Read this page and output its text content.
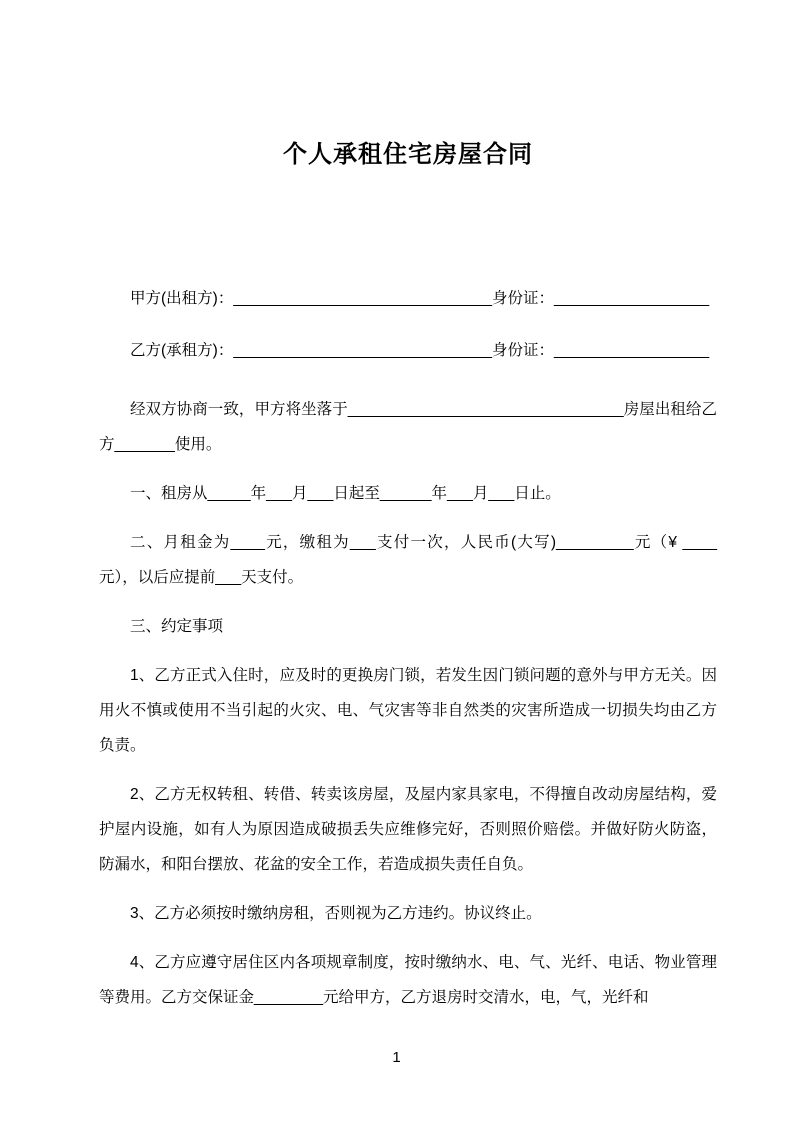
个人承租住宅房屋合同
甲方(出租方)：______________________________身份证：__________________
乙方(承租方)：______________________________身份证：__________________

经双方协商一致，甲方将坐落于________________________________房屋出租给乙方_______使用。

一、租房从_____年___月___日起至______年___月___日止。

二、月租金为____元，缴租为___支付一次，人民币(大写)_________元（¥ ____元），以后应提前___天支付。

三、约定事项

1、乙方正式入住时，应及时的更换房门锁，若发生因门锁问题的意外与甲方无关。因用火不慎或使用不当引起的火灾、电、气灾害等非自然类的灾害所造成一切损失均由乙方负责。

2、乙方无权转租、转借、转卖该房屋，及屋内家具家电，不得擅自改动房屋结构，爱护屋内设施，如有人为原因造成破损丢失应维修完好，否则照价赔偿。并做好防火防盗，防漏水，和阳台摆放、花盆的安全工作，若造成损失责任自负。

3、乙方必须按时缴纳房租，否则视为乙方违约。协议终止。

4、乙方应遵守居住区内各项规章制度，按时缴纳水、电、气、光纤、电话、物业管理等费用。乙方交保证金________元给甲方，乙方退房时交清水，电，气，光纤和

1
